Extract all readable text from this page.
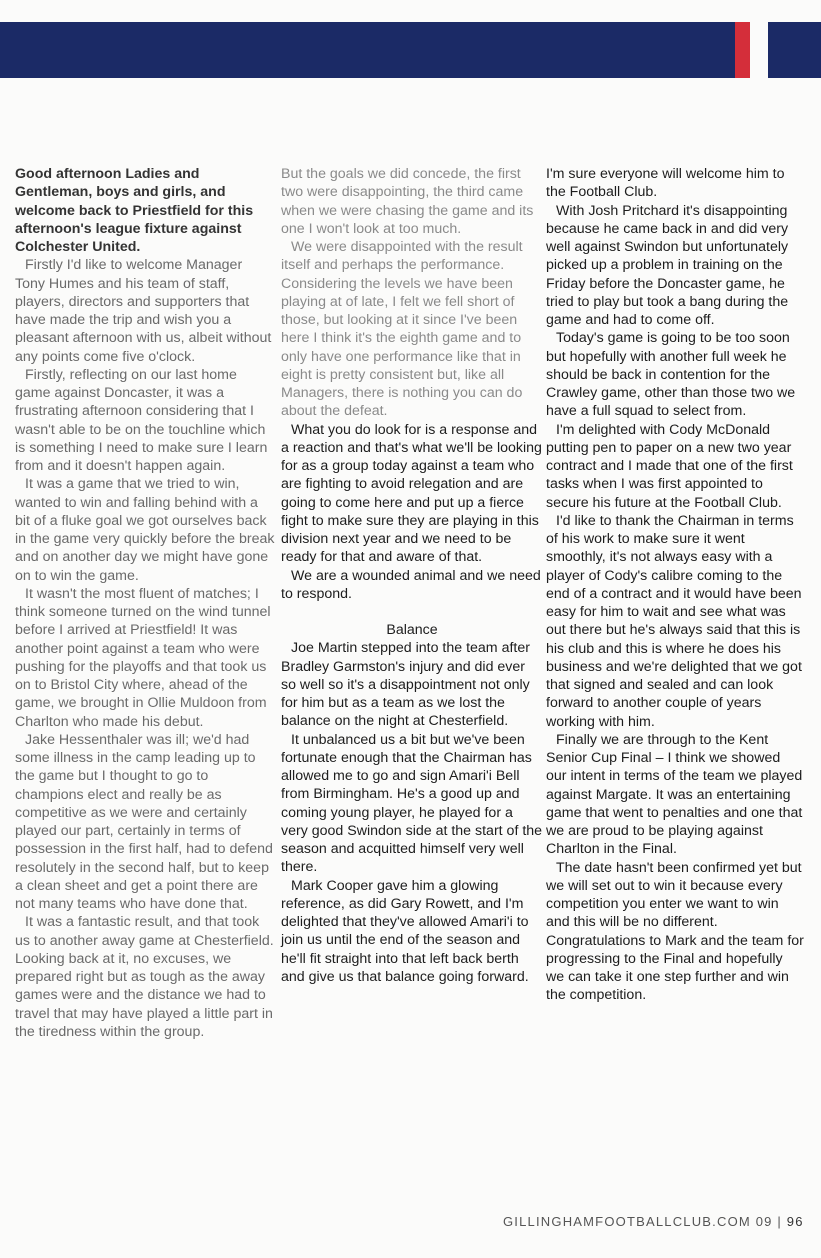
Good afternoon Ladies and Gentleman, boys and girls, and welcome back to Priestfield for this afternoon's league fixture against Colchester United.

Firstly I'd like to welcome Manager Tony Humes and his team of staff, players, directors and supporters that have made the trip and wish you a pleasant afternoon with us, albeit without any points come five o'clock.

Firstly, reflecting on our last home game against Doncaster, it was a frustrating afternoon considering that I wasn't able to be on the touchline which is something I need to make sure I learn from and it doesn't happen again.

It was a game that we tried to win, wanted to win and falling behind with a bit of a fluke goal we got ourselves back in the game very quickly before the break and on another day we might have gone on to win the game.

It wasn't the most fluent of matches; I think someone turned on the wind tunnel before I arrived at Priestfield! It was another point against a team who were pushing for the playoffs and that took us on to Bristol City where, ahead of the game, we brought in Ollie Muldoon from Charlton who made his debut.

Jake Hessenthaler was ill; we'd had some illness in the camp leading up to the game but I thought to go to champions elect and really be as competitive as we were and certainly played our part, certainly in terms of possession in the first half, had to defend resolutely in the second half, but to keep a clean sheet and get a point there are not many teams who have done that.

It was a fantastic result, and that took us to another away game at Chesterfield. Looking back at it, no excuses, we prepared right but as tough as the away games were and the distance we had to travel that may have played a little part in the tiredness within the group.

But the goals we did concede, the first two were disappointing, the third came when we were chasing the game and its one I won't look at too much.

We were disappointed with the result itself and perhaps the performance. Considering the levels we have been playing at of late, I felt we fell short of those, but looking at it since I've been here I think it's the eighth game and to only have one performance like that in eight is pretty consistent but, like all Managers, there is nothing you can do about the defeat.

What you do look for is a response and a reaction and that's what we'll be looking for as a group today against a team who are fighting to avoid relegation and are going to come here and put up a fierce fight to make sure they are playing in this division next year and we need to be ready for that and aware of that.

We are a wounded animal and we need to respond.

Balance

Joe Martin stepped into the team after Bradley Garmston's injury and did ever so well so it's a disappointment not only for him but as a team as we lost the balance on the night at Chesterfield.

It unbalanced us a bit but we've been fortunate enough that the Chairman has allowed me to go and sign Amari'i Bell from Birmingham. He's a good up and coming young player, he played for a very good Swindon side at the start of the season and acquitted himself very well there.

Mark Cooper gave him a glowing reference, as did Gary Rowett, and I'm delighted that they've allowed Amari'i to join us until the end of the season and he'll fit straight into that left back berth and give us that balance going forward.

I'm sure everyone will welcome him to the Football Club.

With Josh Pritchard it's disappointing because he came back in and did very well against Swindon but unfortunately picked up a problem in training on the Friday before the Doncaster game, he tried to play but took a bang during the game and had to come off.

Today's game is going to be too soon but hopefully with another full week he should be back in contention for the Crawley game, other than those two we have a full squad to select from.

I'm delighted with Cody McDonald putting pen to paper on a new two year contract and I made that one of the first tasks when I was first appointed to secure his future at the Football Club.

I'd like to thank the Chairman in terms of his work to make sure it went smoothly, it's not always easy with a player of Cody's calibre coming to the end of a contract and it would have been easy for him to wait and see what was out there but he's always said that this is his club and this is where he does his business and we're delighted that we got that signed and sealed and can look forward to another couple of years working with him.

Finally we are through to the Kent Senior Cup Final – I think we showed our intent in terms of the team we played against Margate. It was an entertaining game that went to penalties and one that we are proud to be playing against Charlton in the Final.

The date hasn't been confirmed yet but we will set out to win it because every competition you enter we want to win and this will be no different. Congratulations to Mark and the team for progressing to the Final and hopefully we can take it one step further and win the competition.

GILLINGHAMFOOTBALLCLUB.COM 09 | 96
